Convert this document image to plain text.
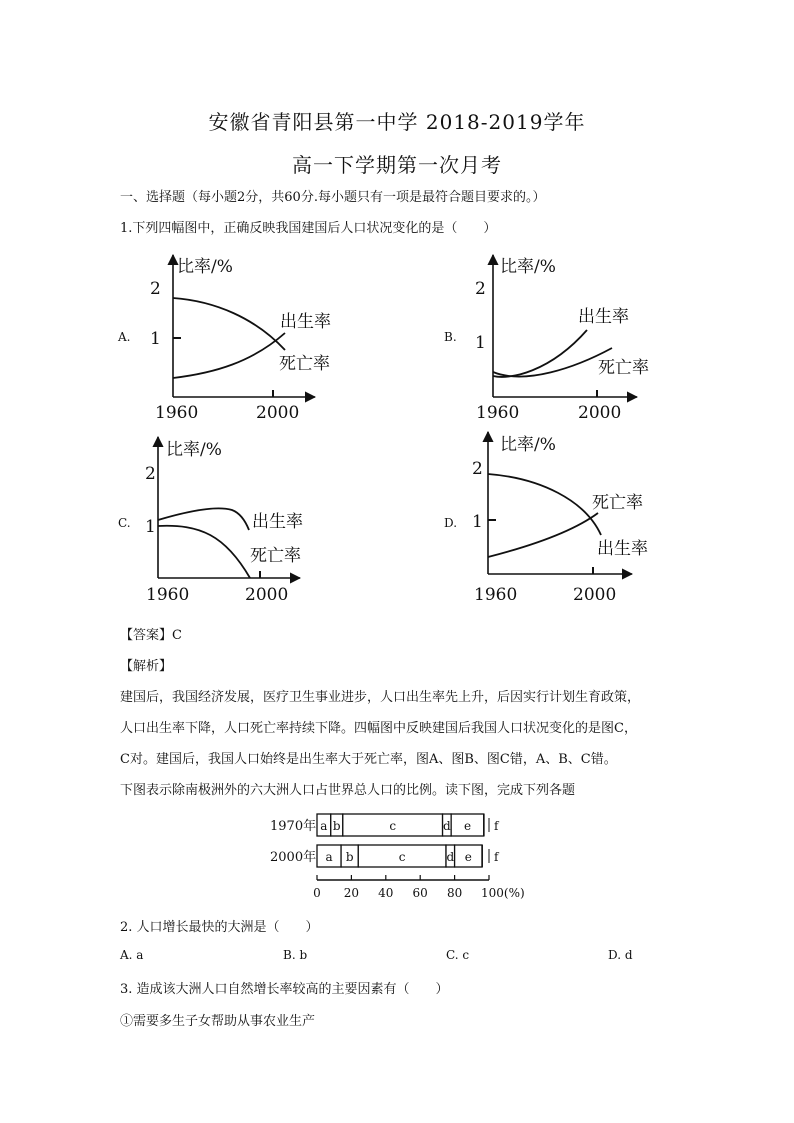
安徽省青阳县第一中学 2018-2019学年
高一下学期第一次月考
一、选择题（每小题2分，共60分.每小题只有一项是最符合题目要求的。）
1.下列四幅图中，正确反映我国建国后人口状况变化的是（　　）
A.
比率/%
2
1
1960	2000
出生率
死亡率
B.
比率/%
2
1
1960	2000
出生率
死亡率
C.
比率/%
2
1
1960	2000
出生率
死亡率
D.
比率/%
2
1
1960	2000
死亡率
出生率
【答案】C
【解析】
建国后，我国经济发展，医疗卫生事业进步，人口出生率先上升，后因实行计划生育政策，
人口出生率下降，人口死亡率持续下降。四幅图中反映建国后我国人口状况变化的是图C，
C对。建国后，我国人口始终是出生率大于死亡率，图A、图B、图C错，A、B、C错。
下图表示除南极洲外的六大洲人口占世界总人口的比例。读下图，完成下列各题
1970年 a b	c	d e f
2000年 a b	c	d e f
0 20 40 60 80 100(%)
2. 人口增长最快的大洲是（　　）
A. a	B. b	C. c	D. d
3. 造成该大洲人口自然增长率较高的主要因素有（　　）
①需要多生子女帮助从事农业生产
